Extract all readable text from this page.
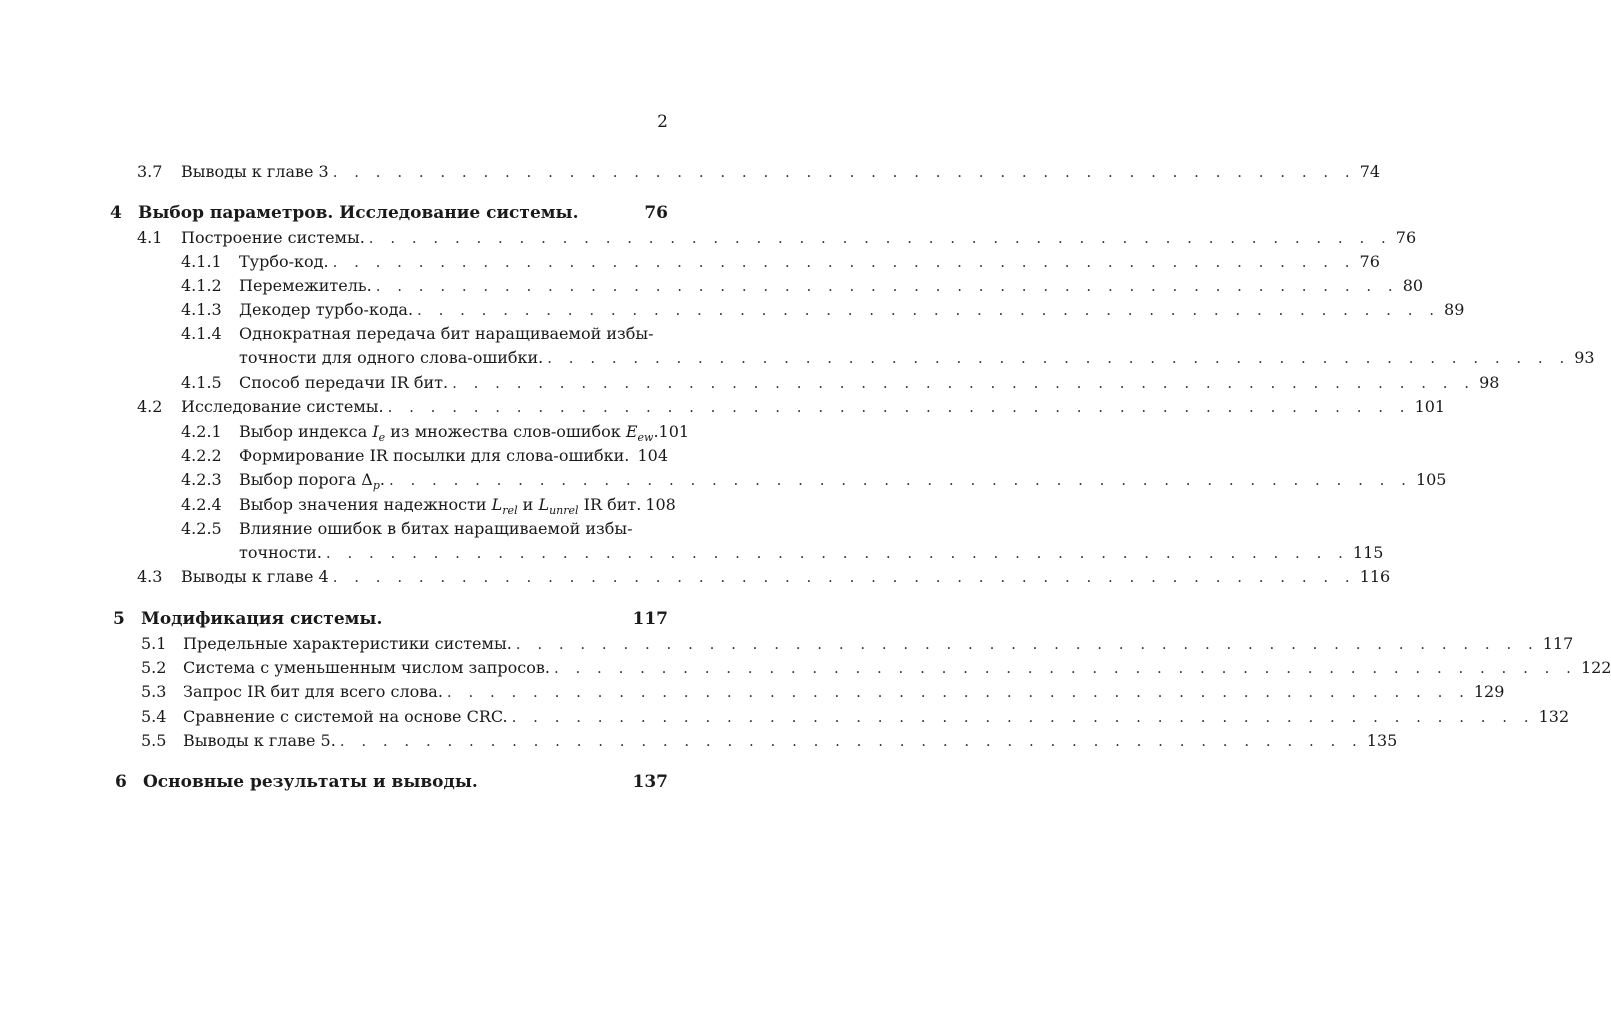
2
3.7	Выводы к главе 3 . . . . . . . . . . . . . . . . . . . . . . . . . . . . . . . . . . . . . . . . . . . . . . . . 74
4 Выбор параметров. Исследование системы.	76
4.1	Построение системы. . . . . . . . . . . . . . . . . . . . . . . . . . . . . . . . . . . . . . . . . . . . . . . . . 76
4.1.1	Турбо-код. . . . . . . . . . . . . . . . . . . . . . . . . . . . . . . . . . . . . . . . . . . . . . . . . 76
4.1.2	Перемежитель. . . . . . . . . . . . . . . . . . . . . . . . . . . . . . . . . . . . . . . . . . . . . . . . . 80
4.1.3	Декодер турбо-кода. . . . . . . . . . . . . . . . . . . . . . . . . . . . . . . . . . . . . . . . . . . . . . . . . 89
4.1.4	Однократная передача бит наращиваемой избы-
точности для одного слова-ошибки. . . . . . . . . . . . . . . . . . . . . . . . . . . . . . . . . . . . . . . . . . . . . . . . . 93
4.1.5	Способ передачи IR бит. . . . . . . . . . . . . . . . . . . . . . . . . . . . . . . . . . . . . . . . . . . . . . . . . 98
4.2	Исследование системы. . . . . . . . . . . . . . . . . . . . . . . . . . . . . . . . . . . . . . . . . . . . . . . . . 101
4.2.1	Выбор индекса $I_e$ из множества слов-ошибок $E_{ew}$. 101
4.2.2	Формирование IR посылки для слова-ошибки. 104
4.2.3	Выбор порога $\Delta_p$. . . . . . . . . . . . . . . . . . . . . . . . . . . . . . . . . . . . . . . . . . . . . . . . . 105
4.2.4	Выбор значения надежности $L_{rel}$ и $L_{unrel}$ IR бит. 108
4.2.5	Влияние ошибок в битах наращиваемой избы-
точности. . . . . . . . . . . . . . . . . . . . . . . . . . . . . . . . . . . . . . . . . . . . . . . . . 115
4.3	Выводы к главе 4 . . . . . . . . . . . . . . . . . . . . . . . . . . . . . . . . . . . . . . . . . . . . . . . . 116
5 Модификация системы.	117
5.1	Предельные характеристики системы. . . . . . . . . . . . . . . . . . . . . . . . . . . . . . . . . . . . . . . . . . . . . . . . . 117
5.2	Система с уменьшенным числом запросов. . . . . . . . . . . . . . . . . . . . . . . . . . . . . . . . . . . . . . . . . . . . . . . . . 122
5.3	Запрос IR бит для всего слова. . . . . . . . . . . . . . . . . . . . . . . . . . . . . . . . . . . . . . . . . . . . . . . . . 129
5.4	Сравнение с системой на основе CRC. . . . . . . . . . . . . . . . . . . . . . . . . . . . . . . . . . . . . . . . . . . . . . . . . 132
5.5	Выводы к главе 5. . . . . . . . . . . . . . . . . . . . . . . . . . . . . . . . . . . . . . . . . . . . . . . . . 135
6 Основные результаты и выводы.	137
